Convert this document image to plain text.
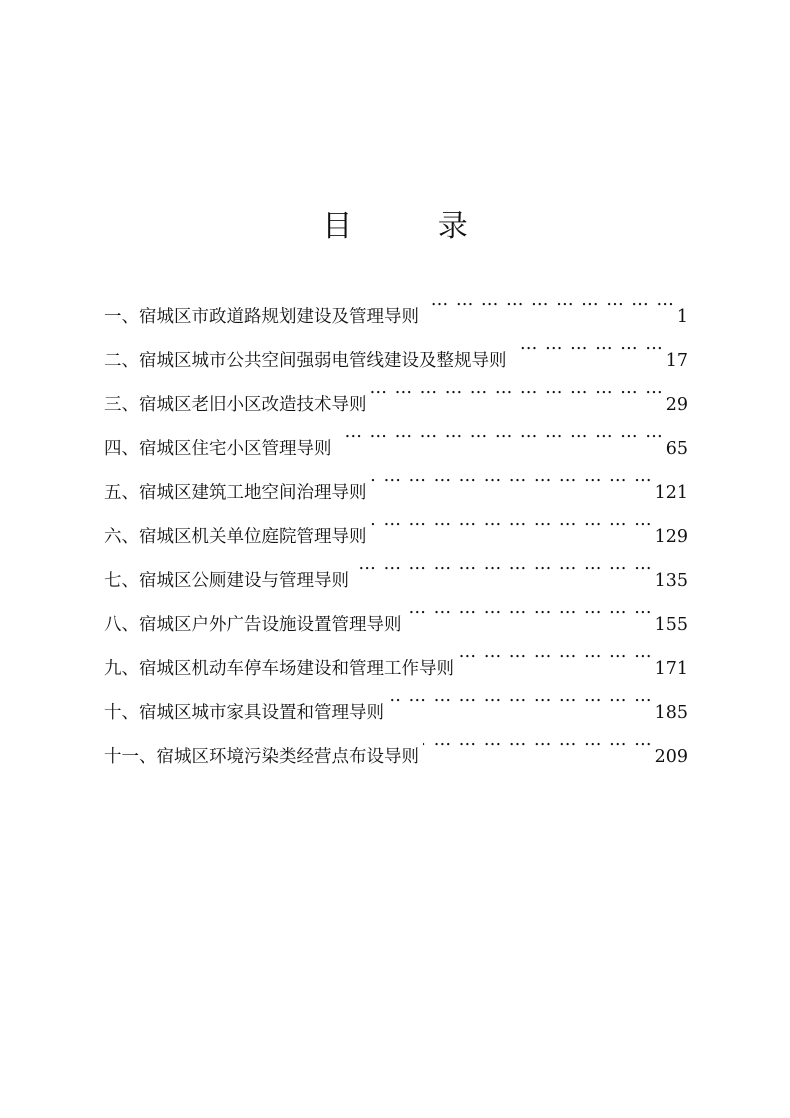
目 录
一、宿城区市政道路规划建设及管理导则 … … … … … … … … … … … … … … … … … … … … … … … … … … … … … … … … … …	1
二、宿城区城市公共空间强弱电管线建设及整规导则 … … … … … … … … … … … … … … … … … … … … … … … … … … … … … … … … … …	17
三、宿城区老旧小区改造技术导则 … … … … … … … … … … … … … … … … … … … … … … … … … … … … … … … … … …	29
四、宿城区住宅小区管理导则 … … … … … … … … … … … … … … … … … … … … … … … … … … … … … … … … … …	65
五、宿城区建筑工地空间治理导则 … … … … … … … … … … … … … … … … … … … … … … … … … … … … … … … … … …	121
六、宿城区机关单位庭院管理导则 … … … … … … … … … … … … … … … … … … … … … … … … … … … … … … … … … …	129
七、宿城区公厕建设与管理导则 … … … … … … … … … … … … … … … … … … … … … … … … … … … … … … … … … …	135
八、宿城区户外广告设施设置管理导则 … … … … … … … … … … … … … … … … … … … … … … … … … … … … … … … … … …	155
九、宿城区机动车停车场建设和管理工作导则 … … … … … … … … … … … … … … … … … … … … … … … … … … … … … … … … … …	171
十、宿城区城市家具设置和管理导则 … … … … … … … … … … … … … … … … … … … … … … … … … … … … … … … … … …	185
十一、宿城区环境污染类经营点布设导则 … … … … … … … … … … … … … … … … … … … … … … … … … … … … … … … … … …	209
